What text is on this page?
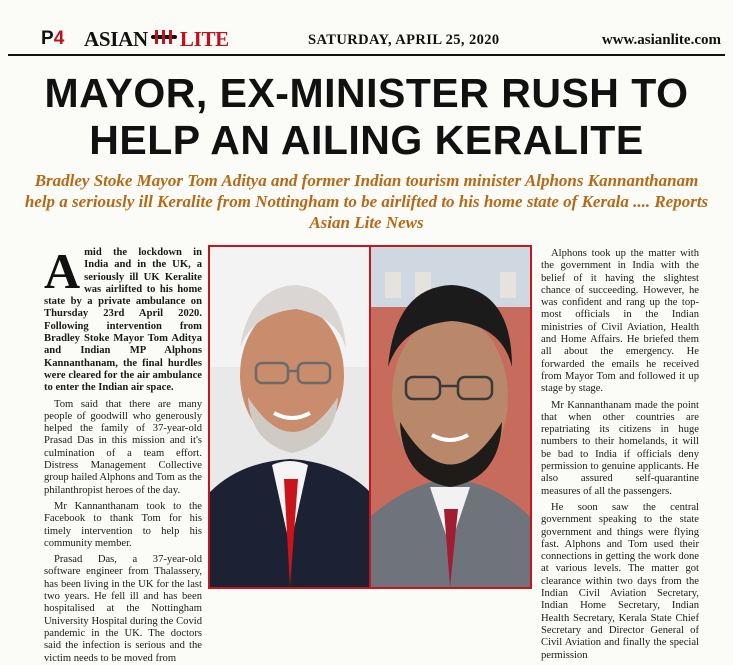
P4 ASIAN LITE	SATURDAY, APRIL 25, 2020	www.asianlite.com
MAYOR, EX-MINISTER RUSH TO
HELP AN AILING KERALITE

Bradley Stoke Mayor Tom Aditya and former Indian tourism minister Alphons Kannanthanam help a seriously ill Keralite from Nottingham to be airlifted to his home state of Kerala .... Reports Asian Lite News

Amid the lockdown in India and in the UK, a seriously ill UK Keralite was airlifted to his home state by a private ambulance on Thursday 23rd April 2020. Following intervention from Bradley Stoke Mayor Tom Aditya and Indian MP Alphons Kannanthanam, the final hurdles were cleared for the air ambulance to enter the Indian air space.

Tom said that there are many people of goodwill who generously helped the family of 37-year-old Prasad Das in this mission and it's culmination of a team effort. Distress Management Collective group hailed Alphons and Tom as the philanthropist heroes of the day.

Mr Kannanthanam took to the Facebook to thank Tom for his timely intervention to help his community member.

Prasad Das, a 37-year-old software engineer from Thalassery, has been living in the UK for the last two years. He fell ill and has been hospitalised at the Nottingham University Hospital during the Covid pandemic in the UK. The doctors said the infection is serious and the victim needs to be moved from

Alphons took up the matter with the government in India with the belief of it having the slightest chance of succeeding. However, he was confident and rang up the top-most officials in the Indian ministries of Civil Aviation, Health and Home Affairs. He briefed them all about the emergency. He forwarded the emails he received from Mayor Tom and followed it up stage by stage.

Mr Kannanthanam made the point that when other countries are repatriating its citizens in huge numbers to their homelands, it will be bad to India if officials deny permission to genuine applicants. He also assured self-quarantine measures of all the passengers.

He soon saw the central government speaking to the state government and things were flying fast. Alphons and Tom used their connections in getting the work done at various levels. The matter got clearance within two days from the Indian Civil Aviation Secretary, Indian Home Secretary, Indian Health Secretary, Kerala State Chief Secretary and Director General of Civil Aviation and finally the special permission
